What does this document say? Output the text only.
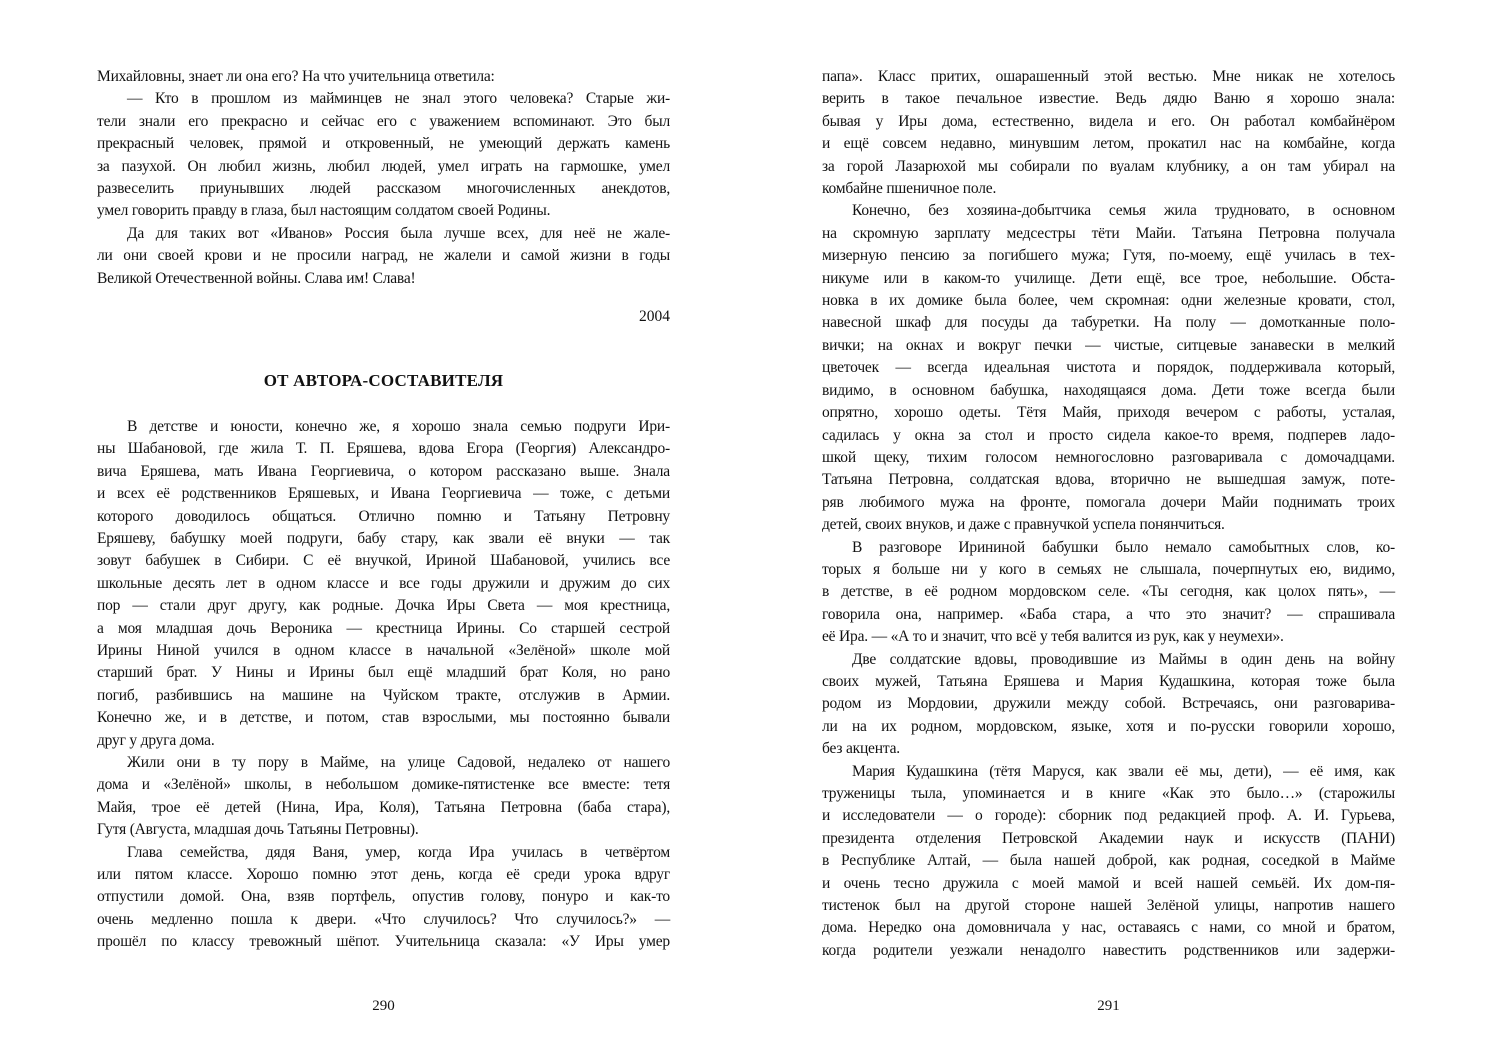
Михайловны, знает ли она его? На что учительница ответила:
— Кто в прошлом из майминцев не знал этого человека? Старые жи-
тели знали его прекрасно и сейчас его с уважением вспоминают. Это был
прекрасный человек, прямой и откровенный, не умеющий держать камень
за пазухой. Он любил жизнь, любил людей, умел играть на гармошке, умел
развеселить приунывших людей рассказом многочисленных анекдотов,
умел говорить правду в глаза, был настоящим солдатом своей Родины.
Да для таких вот «Иванов» Россия была лучше всех, для неё не жале-
ли они своей крови и не просили наград, не жалели и самой жизни в годы
Великой Отечественной войны. Слава им! Слава!
2004
ОТ АВТОРА-СОСТАВИТЕЛЯ
В детстве и юности, конечно же, я хорошо знала семью подруги Ири-
ны Шабановой, где жила Т. П. Еряшева, вдова Егора (Георгия) Александро-
вича Еряшева, мать Ивана Георгиевича, о котором рассказано выше. Знала
и всех её родственников Еряшевых, и Ивана Георгиевича — тоже, с детьми
которого доводилось общаться. Отлично помню и Татьяну Петровну
Еряшеву, бабушку моей подруги, бабу стару, как звали её внуки — так
зовут бабушек в Сибири. С её внучкой, Ириной Шабановой, учились все
школьные десять лет в одном классе и все годы дружили и дружим до сих
пор — стали друг другу, как родные. Дочка Иры Света — моя крестница,
а моя младшая дочь Вероника — крестница Ирины. Со старшей сестрой
Ирины Ниной учился в одном классе в начальной «Зелёной» школе мой
старший брат. У Нины и Ирины был ещё младший брат Коля, но рано
погиб, разбившись на машине на Чуйском тракте, отслужив в Армии.
Конечно же, и в детстве, и потом, став взрослыми, мы постоянно бывали
друг у друга дома.
Жили они в ту пору в Майме, на улице Садовой, недалеко от нашего
дома и «Зелёной» школы, в небольшом домике-пятистенке все вместе: тетя
Майя, трое её детей (Нина, Ира, Коля), Татьяна Петровна (баба стара),
Гутя (Августа, младшая дочь Татьяны Петровны).
Глава семейства, дядя Ваня, умер, когда Ира училась в четвёртом
или пятом классе. Хорошо помню этот день, когда её среди урока вдруг
отпустили домой. Она, взяв портфель, опустив голову, понуро и как-то
очень медленно пошла к двери. «Что случилось? Что случилось?» —
прошёл по классу тревожный шёпот. Учительница сказала: «У Иры умер
290
папа». Класс притих, ошарашенный этой вестью. Мне никак не хотелось
верить в такое печальное известие. Ведь дядю Ваню я хорошо знала:
бывая у Иры дома, естественно, видела и его. Он работал комбайнёром
и ещё совсем недавно, минувшим летом, прокатил нас на комбайне, когда
за горой Лазарюхой мы собирали по вуалам клубнику, а он там убирал на
комбайне пшеничное поле.
Конечно, без хозяина-добытчика семья жила трудновато, в основном
на скромную зарплату медсестры тёти Майи. Татьяна Петровна получала
мизерную пенсию за погибшего мужа; Гутя, по-моему, ещё училась в тех-
никуме или в каком-то училище. Дети ещё, все трое, небольшие. Обста-
новка в их домике была более, чем скромная: одни железные кровати, стол,
навесной шкаф для посуды да табуретки. На полу — домотканные поло-
вички; на окнах и вокруг печки — чистые, ситцевые занавески в мелкий
цветочек — всегда идеальная чистота и порядок, поддерживала который,
видимо, в основном бабушка, находящаяся дома. Дети тоже всегда были
опрятно, хорошо одеты. Тётя Майя, приходя вечером с работы, усталая,
садилась у окна за стол и просто сидела какое-то время, подперев ладо-
шкой щеку, тихим голосом немногословно разговаривала с домочадцами.
Татьяна Петровна, солдатская вдова, вторично не вышедшая замуж, поте-
ряв любимого мужа на фронте, помогала дочери Майи поднимать троих
детей, своих внуков, и даже с правнучкой успела понянчиться.
В разговоре Ирининой бабушки было немало самобытных слов, ко-
торых я больше ни у кого в семьях не слышала, почерпнутых ею, видимо,
в детстве, в её родном мордовском селе. «Ты сегодня, как цолох пять», —
говорила она, например. «Баба стара, а что это значит? — спрашивала
её Ира. — «А то и значит, что всё у тебя валится из рук, как у неумехи».
Две солдатские вдовы, проводившие из Маймы в один день на войну
своих мужей, Татьяна Еряшева и Мария Кудашкина, которая тоже была
родом из Мордовии, дружили между собой. Встречаясь, они разговарива-
ли на их родном, мордовском, языке, хотя и по-русски говорили хорошо,
без акцента.
Мария Кудашкина (тётя Маруся, как звали её мы, дети), — её имя, как
труженицы тыла, упоминается и в книге «Как это было…» (старожилы
и исследователи — о городе): сборник под редакцией проф. А. И. Гурьева,
президента отделения Петровской Академии наук и искусств (ПАНИ)
в Республике Алтай, — была нашей доброй, как родная, соседкой в Майме
и очень тесно дружила с моей мамой и всей нашей семьёй. Их дом-пя-
тистенок был на другой стороне нашей Зелёной улицы, напротив нашего
дома. Нередко она домовничала у нас, оставаясь с нами, со мной и братом,
когда родители уезжали ненадолго навестить родственников или задержи-
291
